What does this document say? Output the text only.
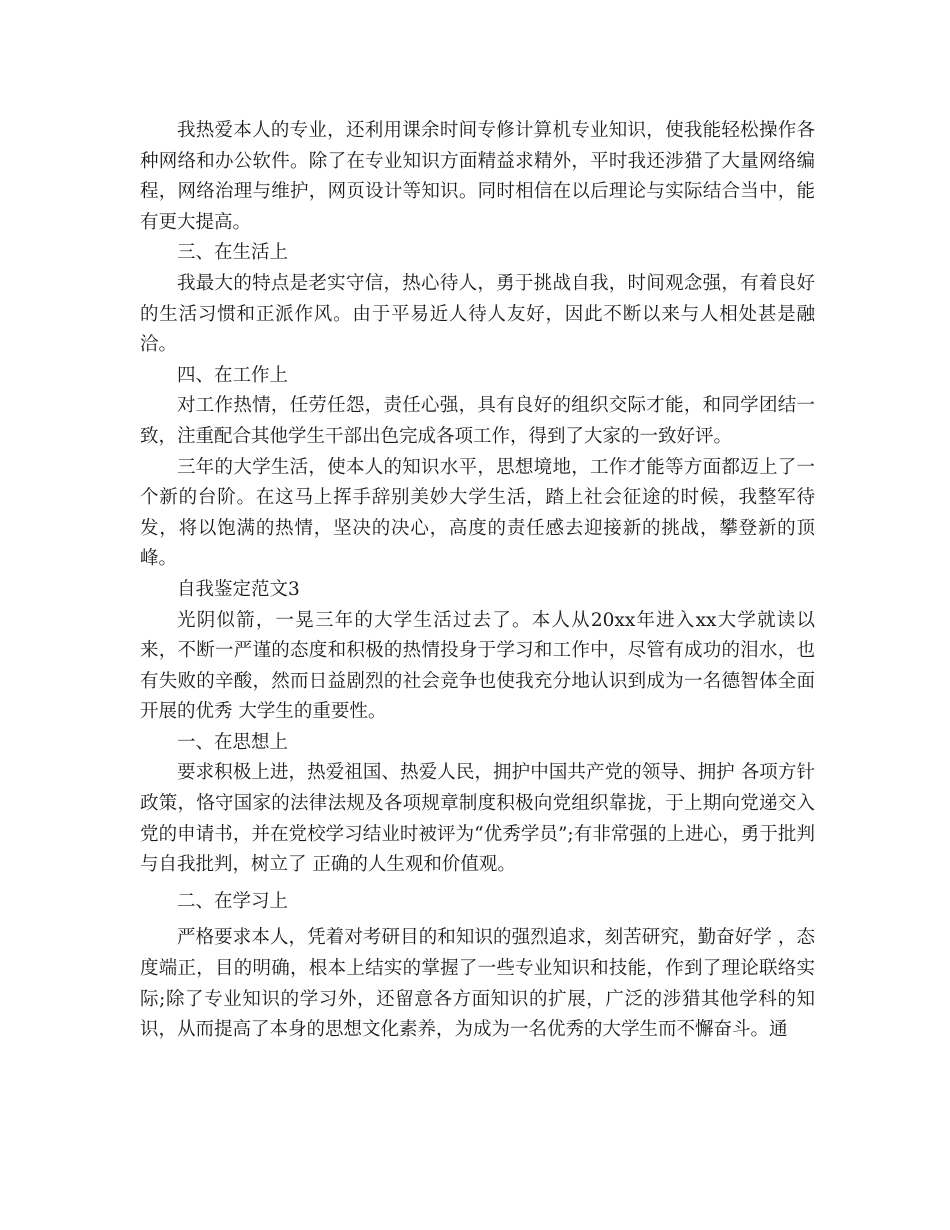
我热爱本人的专业，还利用课余时间专修计算机专业知识，使我能轻松操作各种网络和办公软件。除了在专业知识方面精益求精外，平时我还涉猎了大量网络编程，网络治理与维护，网页设计等知识。同时相信在以后理论与实际结合当中，能有更大提高。

三、在生活上

我最大的特点是老实守信，热心待人，勇于挑战自我，时间观念强，有着良好的生活习惯和正派作风。由于平易近人待人友好，因此不断以来与人相处甚是融洽。

四、在工作上

对工作热情，任劳任怨，责任心强，具有良好的组织交际才能，和同学团结一致，注重配合其他学生干部出色完成各项工作，得到了大家的一致好评。

三年的大学生活，使本人的知识水平，思想境地，工作才能等方面都迈上了一个新的台阶。在这马上挥手辞别美妙大学生活，踏上社会征途的时候，我整军待发，将以饱满的热情，坚决的决心，高度的责任感去迎接新的挑战，攀登新的顶峰。

自我鉴定范文3

光阴似箭，一晃三年的大学生活过去了。本人从20xx年进入xx大学就读以来，不断一严谨的态度和积极的热情投身于学习和工作中，尽管有成功的泪水，也有失败的辛酸，然而日益剧烈的社会竞争也使我充分地认识到成为一名德智体全面开展的优秀 大学生的重要性。

一、在思想上

要求积极上进，热爱祖国、热爱人民，拥护中国共产党的领导、拥护 各项方针政策，恪守国家的法律法规及各项规章制度积极向党组织靠拢，于上期向党递交入党的申请书，并在党校学习结业时被评为“优秀学员”;有非常强的上进心，勇于批判与自我批判，树立了 正确的人生观和价值观。

二、在学习上

严格要求本人，凭着对考研目的和知识的强烈追求，刻苦研究，勤奋好学 ，态度端正，目的明确，根本上结实的掌握了一些专业知识和技能，作到了理论联络实际;除了专业知识的学习外，还留意各方面知识的扩展，广泛的涉猎其他学科的知识，从而提高了本身的思想文化素养，为成为一名优秀的大学生而不懈奋斗。通
